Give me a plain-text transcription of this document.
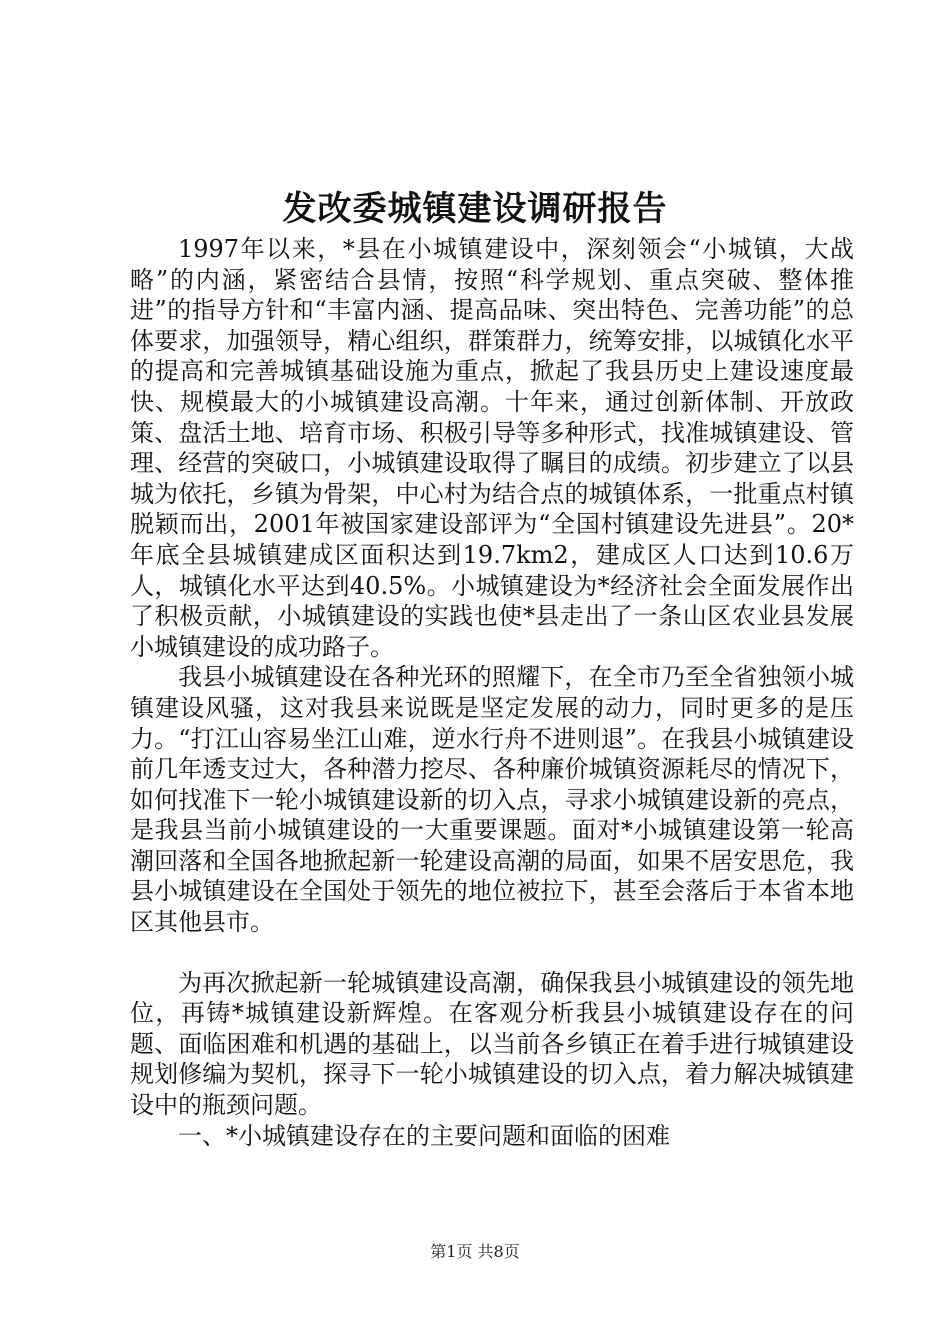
发改委城镇建设调研报告

1997年以来，*县在小城镇建设中，深刻领会“小城镇，大战略”的内涵，紧密结合县情，按照“科学规划、重点突破、整体推进”的指导方针和“丰富内涵、提高品味、突出特色、完善功能”的总体要求，加强领导，精心组织，群策群力，统筹安排，以城镇化水平的提高和完善城镇基础设施为重点，掀起了我县历史上建设速度最快、规模最大的小城镇建设高潮。十年来，通过创新体制、开放政策、盘活土地、培育市场、积极引导等多种形式，找准城镇建设、管理、经营的突破口，小城镇建设取得了瞩目的成绩。初步建立了以县城为依托，乡镇为骨架，中心村为结合点的城镇体系，一批重点村镇脱颖而出，2001年被国家建设部评为“全国村镇建设先进县”。20*年底全县城镇建成区面积达到19.7km2，建成区人口达到10.6万人，城镇化水平达到40.5%。小城镇建设为*经济社会全面发展作出了积极贡献，小城镇建设的实践也使*县走出了一条山区农业县发展小城镇建设的成功路子。

我县小城镇建设在各种光环的照耀下，在全市乃至全省独领小城镇建设风骚，这对我县来说既是坚定发展的动力，同时更多的是压力。“打江山容易坐江山难，逆水行舟不进则退”。在我县小城镇建设前几年透支过大，各种潜力挖尽、各种廉价城镇资源耗尽的情况下，如何找准下一轮小城镇建设新的切入点，寻求小城镇建设新的亮点，是我县当前小城镇建设的一大重要课题。面对*小城镇建设第一轮高潮回落和全国各地掀起新一轮建设高潮的局面，如果不居安思危，我县小城镇建设在全国处于领先的地位被拉下，甚至会落后于本省本地区其他县市。

为再次掀起新一轮城镇建设高潮，确保我县小城镇建设的领先地位，再铸*城镇建设新辉煌。在客观分析我县小城镇建设存在的问题、面临困难和机遇的基础上，以当前各乡镇正在着手进行城镇建设规划修编为契机，探寻下一轮小城镇建设的切入点，着力解决城镇建设中的瓶颈问题。

一、*小城镇建设存在的主要问题和面临的困难

第1页 共8页
